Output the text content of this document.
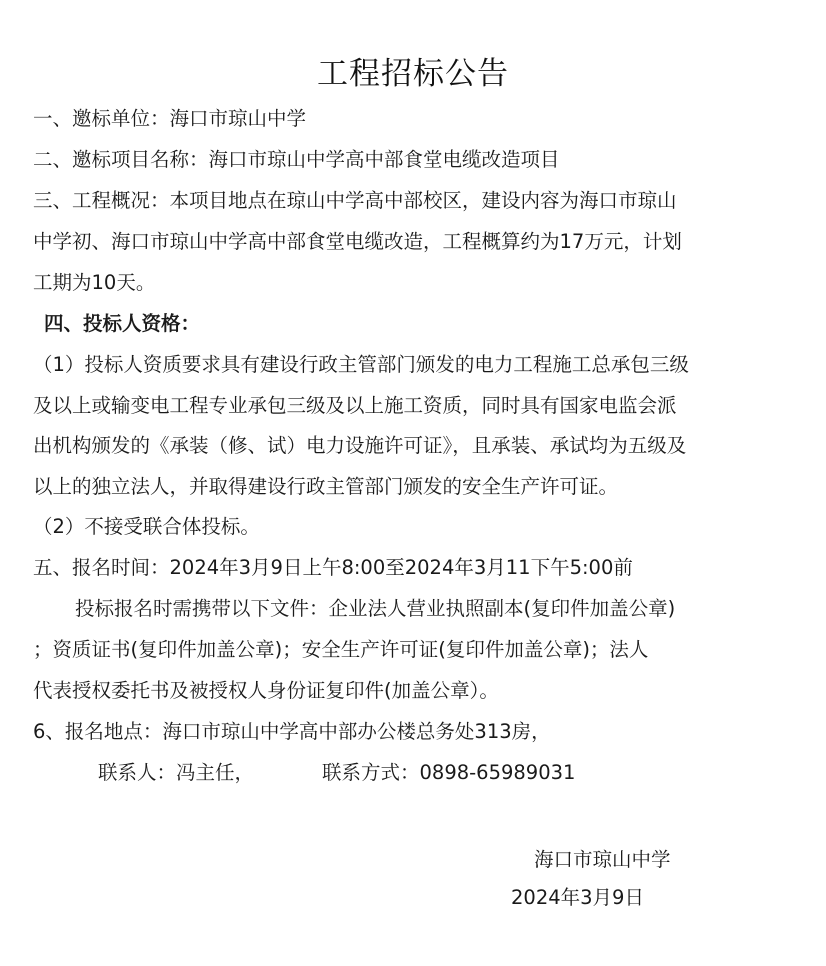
工程招标公告
一、邀标单位：海口市琼山中学
二、邀标项目名称：海口市琼山中学高中部食堂电缆改造项目
三、工程概况：本项目地点在琼山中学高中部校区，建设内容为海口市琼山
中学初、海口市琼山中学高中部食堂电缆改造，工程概算约为17万元，计划
工期为10天。
四、投标人资格：
（1）投标人资质要求具有建设行政主管部门颁发的电力工程施工总承包三级
及以上或输变电工程专业承包三级及以上施工资质，同时具有国家电监会派
出机构颁发的《承装（修、试）电力设施许可证》，且承装、承试均为五级及
以上的独立法人，并取得建设行政主管部门颁发的安全生产许可证。
（2）不接受联合体投标。
五、报名时间：2024年3月9日上午8:00至2024年3月11下午5:00前
投标报名时需携带以下文件：企业法人营业执照副本(复印件加盖公章)
；资质证书(复印件加盖公章)；安全生产许可证(复印件加盖公章)；法人
代表授权委托书及被授权人身份证复印件(加盖公章）。
6、报名地点：海口市琼山中学高中部办公楼总务处313房，
联系人：冯主任，	联系方式：0898-65989031
海口市琼山中学
2024年3月9日
